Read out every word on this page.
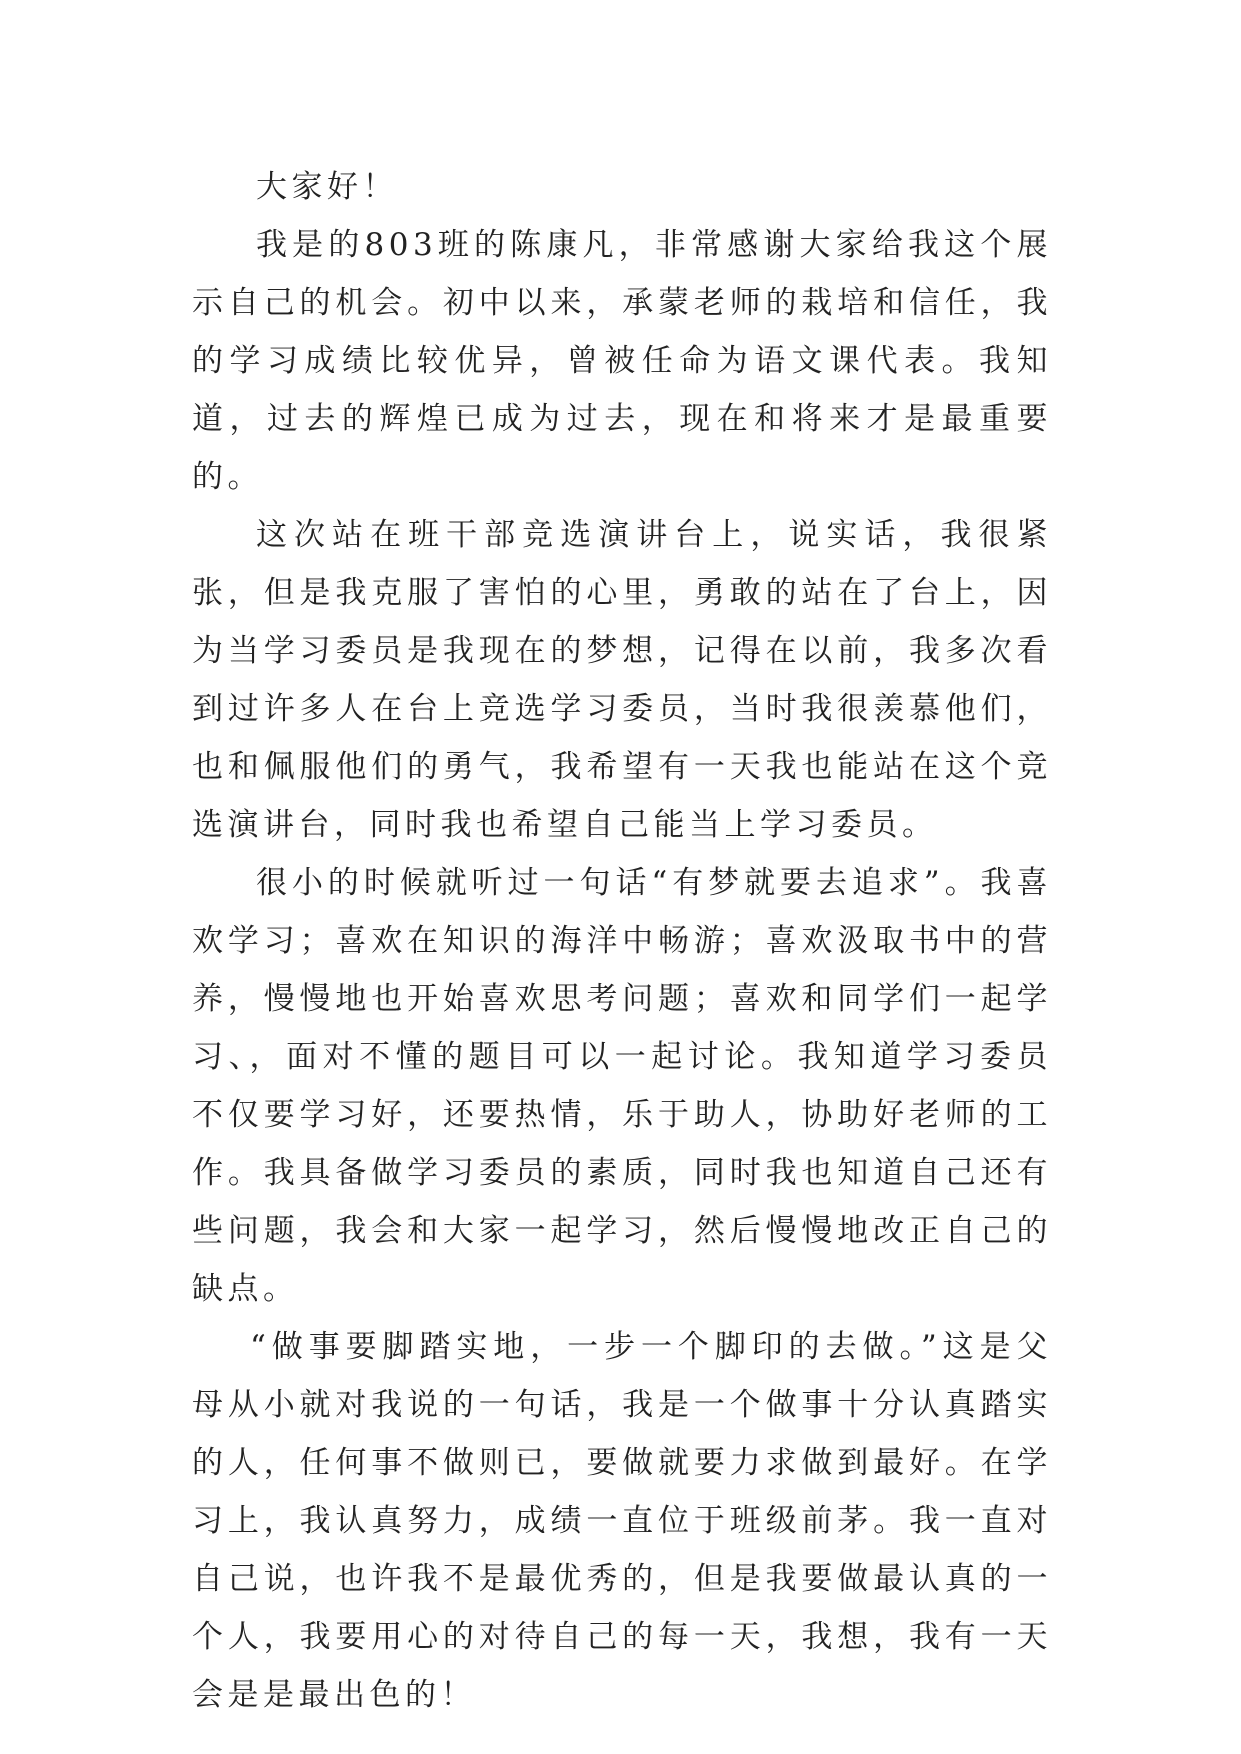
大家好！

我是的803班的陈康凡，非常感谢大家给我这个展示自己的机会。初中以来，承蒙老师的栽培和信任，我的学习成绩比较优异，曾被任命为语文课代表。我知道，过去的辉煌已成为过去，现在和将来才是最重要的。

这次站在班干部竞选演讲台上，说实话，我很紧张，但是我克服了害怕的心里，勇敢的站在了台上，因为当学习委员是我现在的梦想，记得在以前，我多次看到过许多人在台上竞选学习委员，当时我很羡慕他们，也和佩服他们的勇气，我希望有一天我也能站在这个竞选演讲台，同时我也希望自己能当上学习委员。

很小的时候就听过一句话“有梦就要去追求”。我喜欢学习；喜欢在知识的海洋中畅游；喜欢汲取书中的营养，慢慢地也开始喜欢思考问题；喜欢和同学们一起学习、，面对不懂的题目可以一起讨论。我知道学习委员不仅要学习好，还要热情，乐于助人，协助好老师的工作。我具备做学习委员的素质，同时我也知道自己还有些问题，我会和大家一起学习，然后慢慢地改正自己的缺点。

“做事要脚踏实地，一步一个脚印的去做。”这是父母从小就对我说的一句话，我是一个做事十分认真踏实的人，任何事不做则已，要做就要力求做到最好。在学习上，我认真努力，成绩一直位于班级前茅。我一直对自己说，也许我不是最优秀的，但是我要做最认真的一个人，我要用心的对待自己的每一天，我想，我有一天会是是最出色的！
